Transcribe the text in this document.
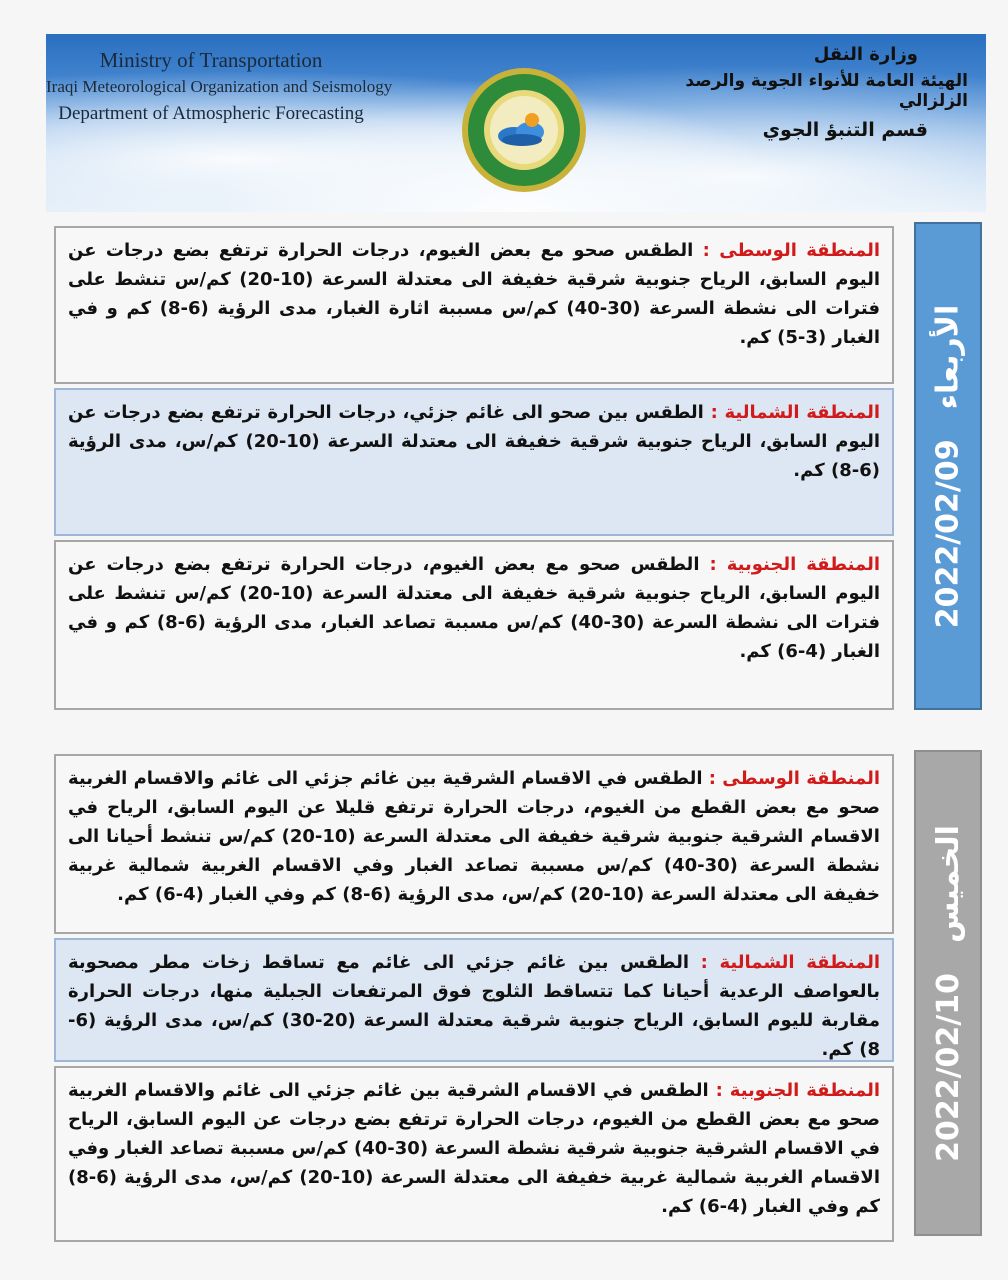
Ministry of Transportation
Iraqi Meteorological Organization and Seismology
Department of Atmospheric Forecasting
وزارة النقل
الهيئة العامة للأنواء الجوية والرصد الزلزالي
قسم التنبؤ الجوي
2022/02/09
الأربعاء
المنطقة الوسطى : الطقس صحو مع بعض الغيوم، درجات الحرارة ترتفع بضع درجات عن اليوم السابق، الرياح جنوبية شرقية خفيفة الى معتدلة السرعة (10-20) كم/س تنشط على فترات الى نشطة السرعة (30-40) كم/س مسببة اثارة الغبار، مدى الرؤية (6-8) كم و في الغبار (3-5) كم.
المنطقة الشمالية : الطقس بين صحو الى غائم جزئي، درجات الحرارة ترتفع بضع درجات عن اليوم السابق، الرياح جنوبية شرقية خفيفة الى معتدلة السرعة (10-20) كم/س، مدى الرؤية (6-8) كم.
المنطقة الجنوبية : الطقس صحو مع بعض الغيوم، درجات الحرارة ترتفع بضع درجات عن اليوم السابق، الرياح جنوبية شرقية خفيفة الى معتدلة السرعة (10-20) كم/س تنشط على فترات الى نشطة السرعة (30-40) كم/س مسببة تصاعد الغبار، مدى الرؤية (6-8) كم و في الغبار (4-6) كم.
2022/02/10
الخميس
المنطقة الوسطى : الطقس في الاقسام الشرقية بين غائم جزئي الى غائم والاقسام الغربية صحو مع بعض القطع من الغيوم، درجات الحرارة ترتفع قليلا عن اليوم السابق، الرياح في الاقسام الشرقية جنوبية شرقية خفيفة الى معتدلة السرعة (10-20) كم/س تنشط أحيانا الى نشطة السرعة (30-40) كم/س مسببة تصاعد الغبار وفي الاقسام الغربية شمالية غربية خفيفة الى معتدلة السرعة (10-20) كم/س، مدى الرؤية (6-8) كم وفي الغبار (4-6) كم.
المنطقة الشمالية : الطقس بين غائم جزئي الى غائم مع تساقط زخات مطر مصحوبة بالعواصف الرعدية أحيانا كما تتساقط الثلوج فوق المرتفعات الجبلية منها، درجات الحرارة مقاربة لليوم السابق، الرياح جنوبية شرقية معتدلة السرعة (20-30) كم/س، مدى الرؤية (6-8) كم.
المنطقة الجنوبية : الطقس في الاقسام الشرقية بين غائم جزئي الى غائم والاقسام الغربية صحو مع بعض القطع من الغيوم، درجات الحرارة ترتفع بضع درجات عن اليوم السابق، الرياح في الاقسام الشرقية جنوبية شرقية نشطة السرعة (30-40) كم/س مسببة تصاعد الغبار وفي الاقسام الغربية شمالية غربية خفيفة الى معتدلة السرعة (10-20) كم/س، مدى الرؤية (6-8) كم وفي الغبار (4-6) كم.
